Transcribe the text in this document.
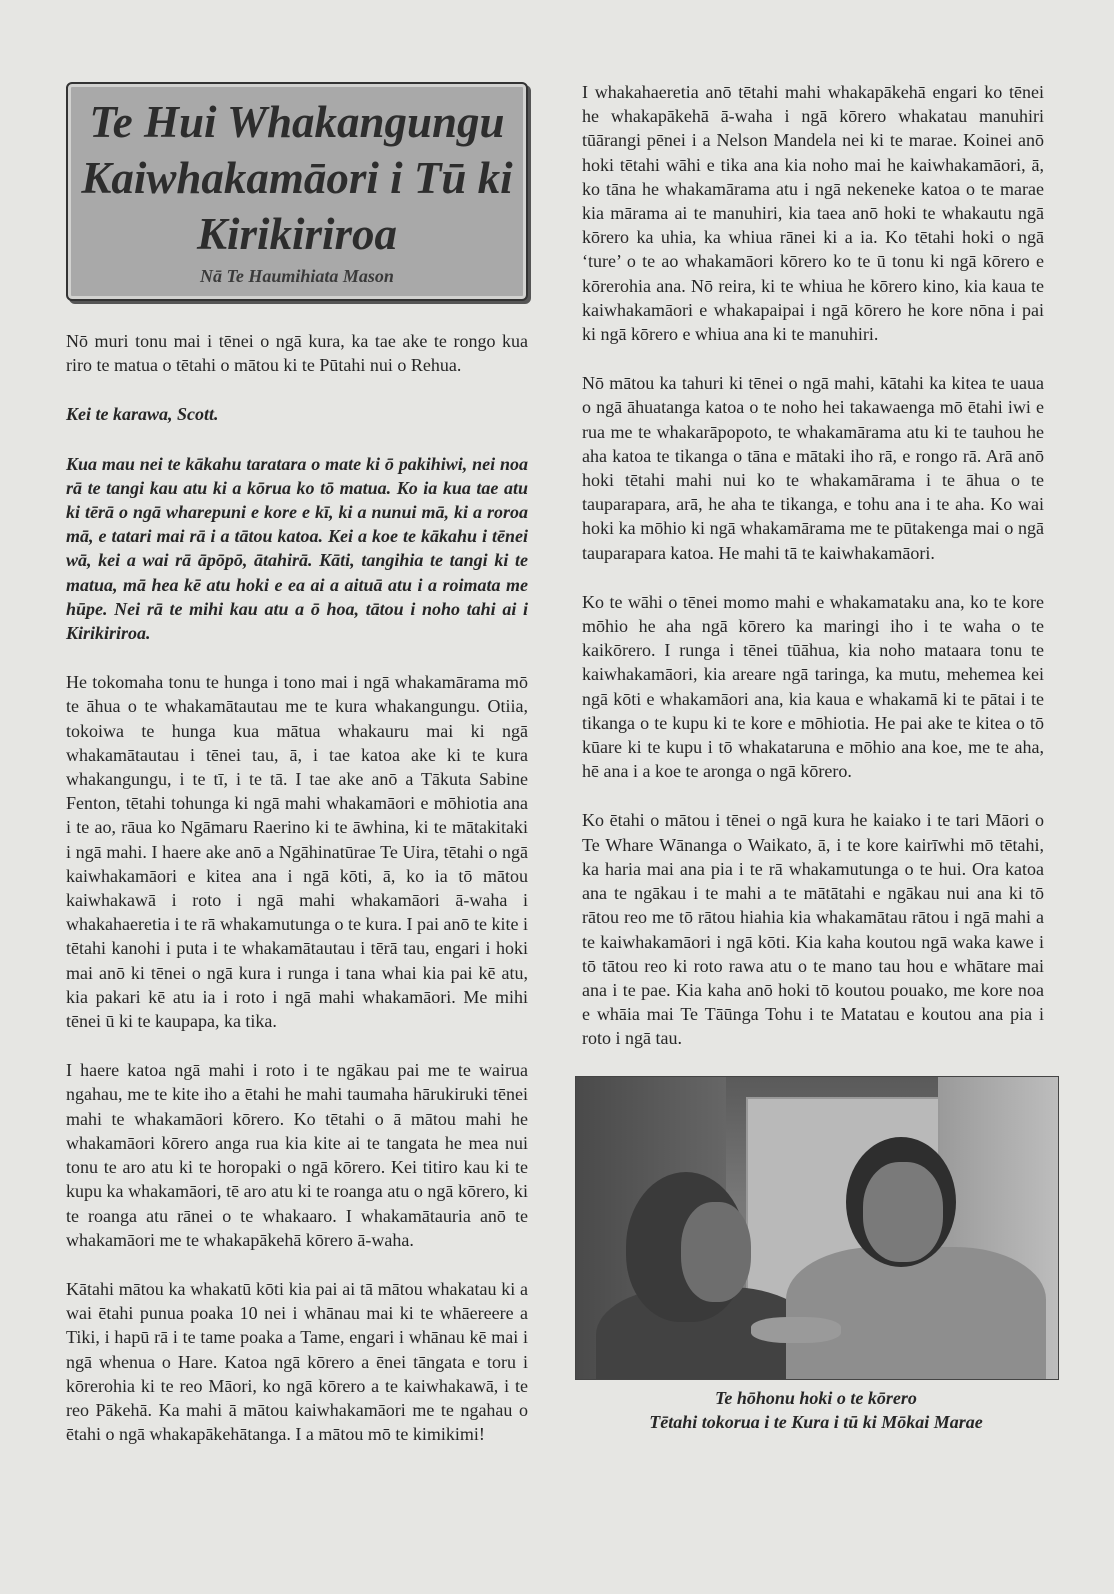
Te Hui Whakangungu Kaiwhakamāori i Tū ki Kirikiriroa
Nā Te Haumihiata Mason

Nō muri tonu mai i tēnei o ngā kura, ka tae ake te rongo kua riro te matua o tētahi o mātou ki te Pūtahi nui o Rehua.

Kei te karawa, Scott.

Kua mau nei te kākahu taratara o mate ki ō pakihiwi, nei noa rā te tangi kau atu ki a kōrua ko tō matua. Ko ia kua tae atu ki tērā o ngā wharepuni e kore e kī, ki a nunui mā, ki a roroa mā, e tatari mai rā i a tātou katoa. Kei a koe te kākahu i tēnei wā, kei a wai rā āpōpō, ātahirā. Kāti, tangihia te tangi ki te matua, mā hea kē atu hoki e ea ai a aituā atu i a roimata me hūpe. Nei rā te mihi kau atu a ō hoa, tātou i noho tahi ai i Kirikiriroa.

He tokomaha tonu te hunga i tono mai i ngā whakamārama mō te āhua o te whakamātautau me te kura whakangungu. Otiia, tokoiwa te hunga kua mātua whakauru mai ki ngā whakamātautau i tēnei tau, ā, i tae katoa ake ki te kura whakangungu, i te tī, i te tā. I tae ake anō a Tākuta Sabine Fenton, tētahi tohunga ki ngā mahi whakamāori e mōhiotia ana i te ao, rāua ko Ngāmaru Raerino ki te āwhina, ki te mātakitaki i ngā mahi. I haere ake anō a Ngāhinatūrae Te Uira, tētahi o ngā kaiwhakamāori e kitea ana i ngā kōti, ā, ko ia tō mātou kaiwhakawā i roto i ngā mahi whakamāori ā-waha i whakahaeretia i te rā whakamutunga o te kura. I pai anō te kite i tētahi kanohi i puta i te whakamātautau i tērā tau, engari i hoki mai anō ki tēnei o ngā kura i runga i tana whai kia pai kē atu, kia pakari kē atu ia i roto i ngā mahi whakamāori. Me mihi tēnei ū ki te kaupapa, ka tika.

I haere katoa ngā mahi i roto i te ngākau pai me te wairua ngahau, me te kite iho a ētahi he mahi taumaha hārukiruki tēnei mahi te whakamāori kōrero. Ko tētahi o ā mātou mahi he whakamāori kōrero anga rua kia kite ai te tangata he mea nui tonu te aro atu ki te horopaki o ngā kōrero. Kei titiro kau ki te kupu ka whakamāori, tē aro atu ki te roanga atu o ngā kōrero, ki te roanga atu rānei o te whakaaro. I whakamātauria anō te whakamāori me te whakapākehā kōrero ā-waha.

Kātahi mātou ka whakatū kōti kia pai ai tā mātou whakatau ki a wai ētahi punua poaka 10 nei i whānau mai ki te whāereere a Tiki, i hapū rā i te tame poaka a Tame, engari i whānau kē mai i ngā whenua o Hare. Katoa ngā kōrero a ēnei tāngata e toru i kōrerohia ki te reo Māori, ko ngā kōrero a te kaiwhakawā, i te reo Pākehā. Ka mahi ā mātou kaiwhakamāori me te ngahau o ētahi o ngā whakapākehātanga. I a mātou mō te kimikimi!

I whakahaeretia anō tētahi mahi whakapākehā engari ko tēnei he whakapākehā ā-waha i ngā kōrero whakatau manuhiri tūārangi pēnei i a Nelson Mandela nei ki te marae. Koinei anō hoki tētahi wāhi e tika ana kia noho mai he kaiwhakamāori, ā, ko tāna he whakamārama atu i ngā nekeneke katoa o te marae kia mārama ai te manuhiri, kia taea anō hoki te whakautu ngā kōrero ka uhia, ka whiua rānei ki a ia. Ko tētahi hoki o ngā ‘ture’ o te ao whakamāori kōrero ko te ū tonu ki ngā kōrero e kōrerohia ana. Nō reira, ki te whiua he kōrero kino, kia kaua te kaiwhakamāori e whakapaipai i ngā kōrero he kore nōna i pai ki ngā kōrero e whiua ana ki te manuhiri.

Nō mātou ka tahuri ki tēnei o ngā mahi, kātahi ka kitea te uaua o ngā āhuatanga katoa o te noho hei takawaenga mō ētahi iwi e rua me te whakarāpopoto, te whakamārama atu ki te tauhou he aha katoa te tikanga o tāna e mātaki iho rā, e rongo rā. Arā anō hoki tētahi mahi nui ko te whakamārama i te āhua o te tauparapara, arā, he aha te tikanga, e tohu ana i te aha. Ko wai hoki ka mōhio ki ngā whakamārama me te pūtakenga mai o ngā tauparapara katoa. He mahi tā te kaiwhakamāori.

Ko te wāhi o tēnei momo mahi e whakamataku ana, ko te kore mōhio he aha ngā kōrero ka maringi iho i te waha o te kaikōrero. I runga i tēnei tūāhua, kia noho mataara tonu te kaiwhakamāori, kia areare ngā taringa, ka mutu, mehemea kei ngā kōti e whakamāori ana, kia kaua e whakamā ki te pātai i te tikanga o te kupu ki te kore e mōhiotia. He pai ake te kitea o tō kūare ki te kupu i tō whakataruna e mōhio ana koe, me te aha, hē ana i a koe te aronga o ngā kōrero.

Ko ētahi o mātou i tēnei o ngā kura he kaiako i te tari Māori o Te Whare Wānanga o Waikato, ā, i te kore kairīwhi mō tētahi, ka haria mai ana pia i te rā whakamutunga o te hui. Ora katoa ana te ngākau i te mahi a te mātātahi e ngākau nui ana ki tō rātou reo me tō rātou hiahia kia whakamātau rātou i ngā mahi a te kaiwhakamāori i ngā kōti. Kia kaha koutou ngā waka kawe i tō tātou reo ki roto rawa atu o te mano tau hou e whātare mai ana i te pae. Kia kaha anō hoki tō koutou pouako, me kore noa e whāia mai Te Tāūnga Tohu i te Matatau e koutou ana pia i roto i ngā tau.

Te hōhonu hoki o te kōrero
Tētahi tokorua i te Kura i tū ki Mōkai Marae
